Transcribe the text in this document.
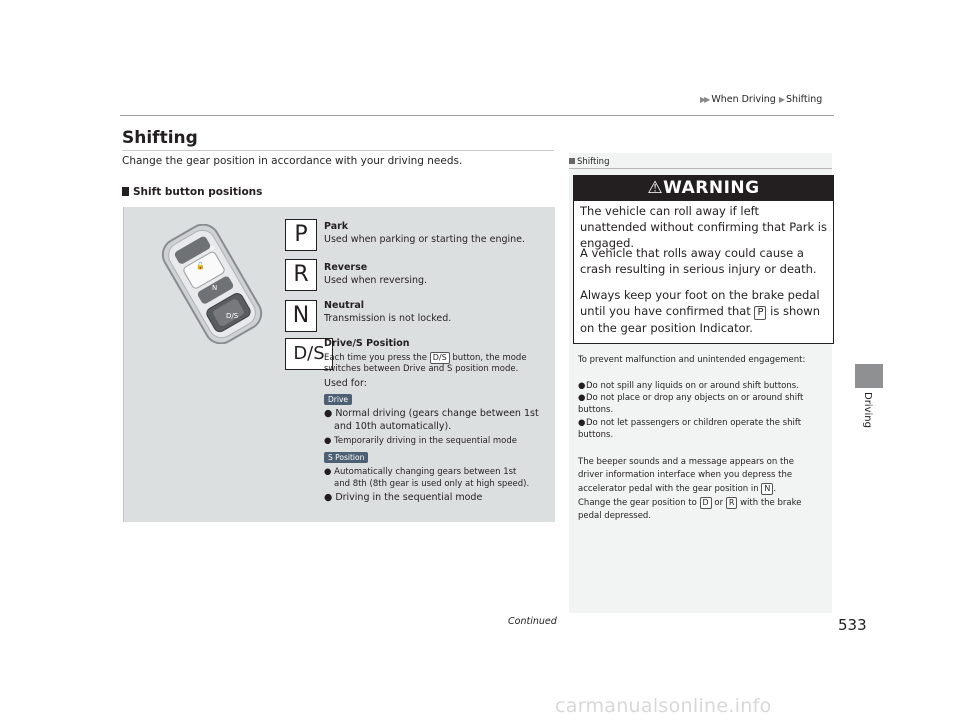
▶▶ When Driving ▶ Shifting
Shifting
Change the gear position in accordance with your driving needs.
Shift button positions
P
🔓
N
D/S
P	Park
Used when parking or starting the engine.
R	Reverse
Used when reversing.
N	Neutral
Transmission is not locked.
D/S Drive/S Position
Each time you press the D/S button, the mode
switches between Drive and S position mode.
Used for:
Drive
● Normal driving (gears change between 1st
and 10th automatically).
● Temporarily driving in the sequential mode
S Position
● Automatically changing gears between 1st
and 8th (8th gear is used only at high speed).
● Driving in the sequential mode
Shifting
⚠WARNING
The vehicle can roll away if left unattended without confirming that Park is engaged.
A vehicle that rolls away could cause a crash resulting in serious injury or death.
Always keep your foot on the brake pedal until you have confirmed that P is shown on the gear position Indicator.
To prevent malfunction and unintended engagement:
●Do not spill any liquids on or around shift buttons.
●Do not place or drop any objects on or around shift
buttons.
●Do not let passengers or children operate the shift
buttons.
The beeper sounds and a message appears on the
driver information interface when you depress the
accelerator pedal with the gear position in N .
Change the gear position to D or R with the brake
pedal depressed.
Driving
Continued	533
carmanualsonline.info
